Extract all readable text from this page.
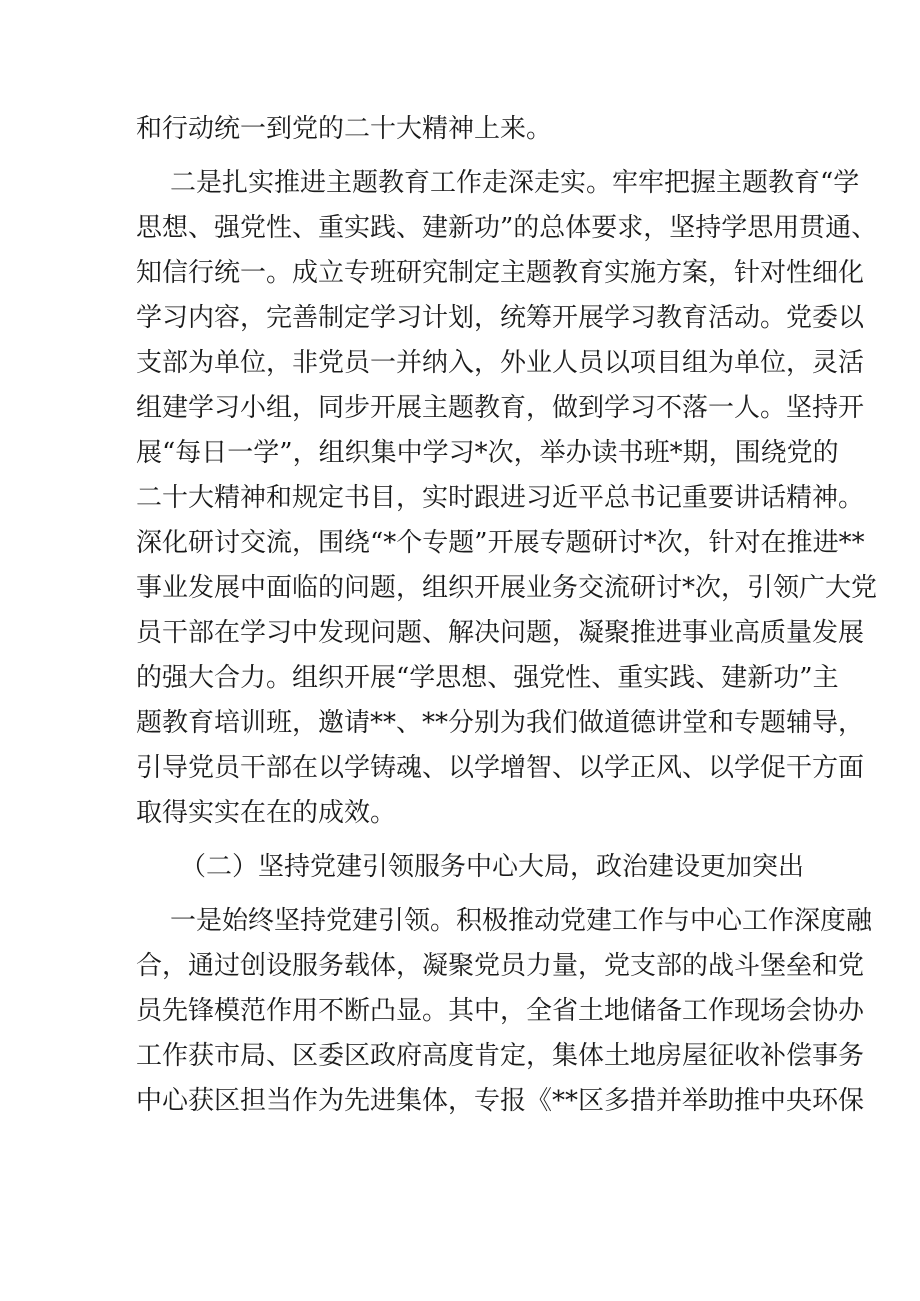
和行动统一到党的二十大精神上来。

二是扎实推进主题教育工作走深走实。牢牢把握主题教育“学

思想、强党性、重实践、建新功”的总体要求，坚持学思用贯通、

知信行统一。成立专班研究制定主题教育实施方案，针对性细化

学习内容，完善制定学习计划，统筹开展学习教育活动。党委以

支部为单位，非党员一并纳入，外业人员以项目组为单位，灵活

组建学习小组，同步开展主题教育，做到学习不落一人。坚持开

展“每日一学”，组织集中学习*次，举办读书班*期，围绕党的

二十大精神和规定书目，实时跟进习近平总书记重要讲话精神。

深化研讨交流，围绕“*个专题”开展专题研讨*次，针对在推进**

事业发展中面临的问题，组织开展业务交流研讨*次，引领广大党

员干部在学习中发现问题、解决问题，凝聚推进事业高质量发展

的强大合力。组织开展“学思想、强党性、重实践、建新功”主

题教育培训班，邀请**、**分别为我们做道德讲堂和专题辅导，

引导党员干部在以学铸魂、以学增智、以学正风、以学促干方面

取得实实在在的成效。

（二）坚持党建引领服务中心大局，政治建设更加突出

一是始终坚持党建引领。积极推动党建工作与中心工作深度融

合，通过创设服务载体，凝聚党员力量，党支部的战斗堡垒和党

员先锋模范作用不断凸显。其中，全省土地储备工作现场会协办

工作获市局、区委区政府高度肯定，集体土地房屋征收补偿事务

中心获区担当作为先进集体，专报《**区多措并举助推中央环保
